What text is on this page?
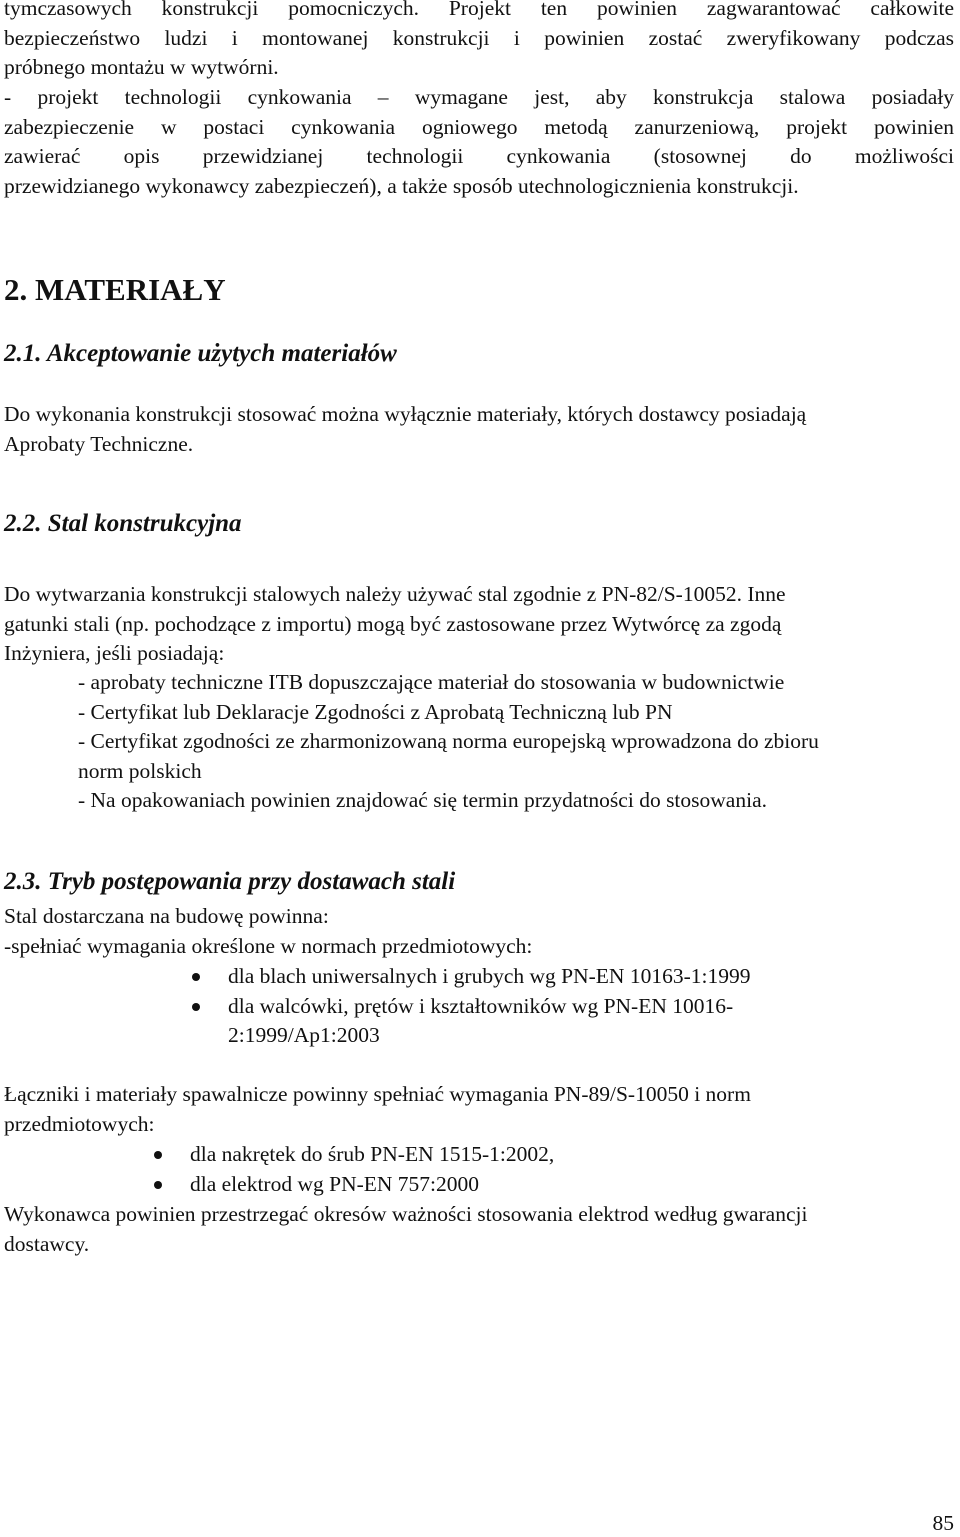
tymczasowych konstrukcji pomocniczych. Projekt ten powinien zagwarantować całkowite

bezpieczeństwo ludzi i montowanej konstrukcji i powinien zostać zweryfikowany podczas

próbnego montażu w wytwórni.

- projekt technologii cynkowania – wymagane jest, aby konstrukcja stalowa posiadały

zabezpieczenie w postaci cynkowania ogniowego metodą zanurzeniową, projekt powinien

zawierać opis przewidzianej technologii cynkowania (stosownej do możliwości

przewidzianego wykonawcy zabezpieczeń), a także sposób utechnologicznienia konstrukcji.

2. MATERIAŁY
2.1. Akceptowanie użytych materiałów

Do wykonania konstrukcji stosować można wyłącznie materiały, których dostawcy posiadają

Aprobaty Techniczne.

2.2. Stal konstrukcyjna

Do wytwarzania konstrukcji stalowych należy używać stal zgodnie z PN-82/S-10052. Inne

gatunki stali (np. pochodzące z importu) mogą być zastosowane przez Wytwórcę za zgodą

Inżyniera, jeśli posiadają:

- aprobaty techniczne ITB dopuszczające materiał do stosowania w budownictwie

- Certyfikat lub Deklaracje Zgodności z Aprobatą Techniczną lub PN

- Certyfikat zgodności ze zharmonizowaną norma europejską wprowadzona do zbioru

norm polskich

- Na opakowaniach powinien znajdować się termin przydatności do stosowania.

2.3. Tryb postępowania przy dostawach stali

Stal dostarczana na budowę powinna:

-spełniać wymagania określone w normach przedmiotowych:

dla blach uniwersalnych i grubych wg PN-EN 10163-1:1999
dla walcówki, prętów i kształtowników wg PN-EN 10016-
2:1999/Ap1:2003

Łączniki i materiały spawalnicze powinny spełniać wymagania PN-89/S-10050 i norm

przedmiotowych:

dla nakrętek do śrub PN-EN 1515-1:2002,
dla elektrod wg PN-EN 757:2000

Wykonawca powinien przestrzegać okresów ważności stosowania elektrod według gwarancji

dostawcy.

85
